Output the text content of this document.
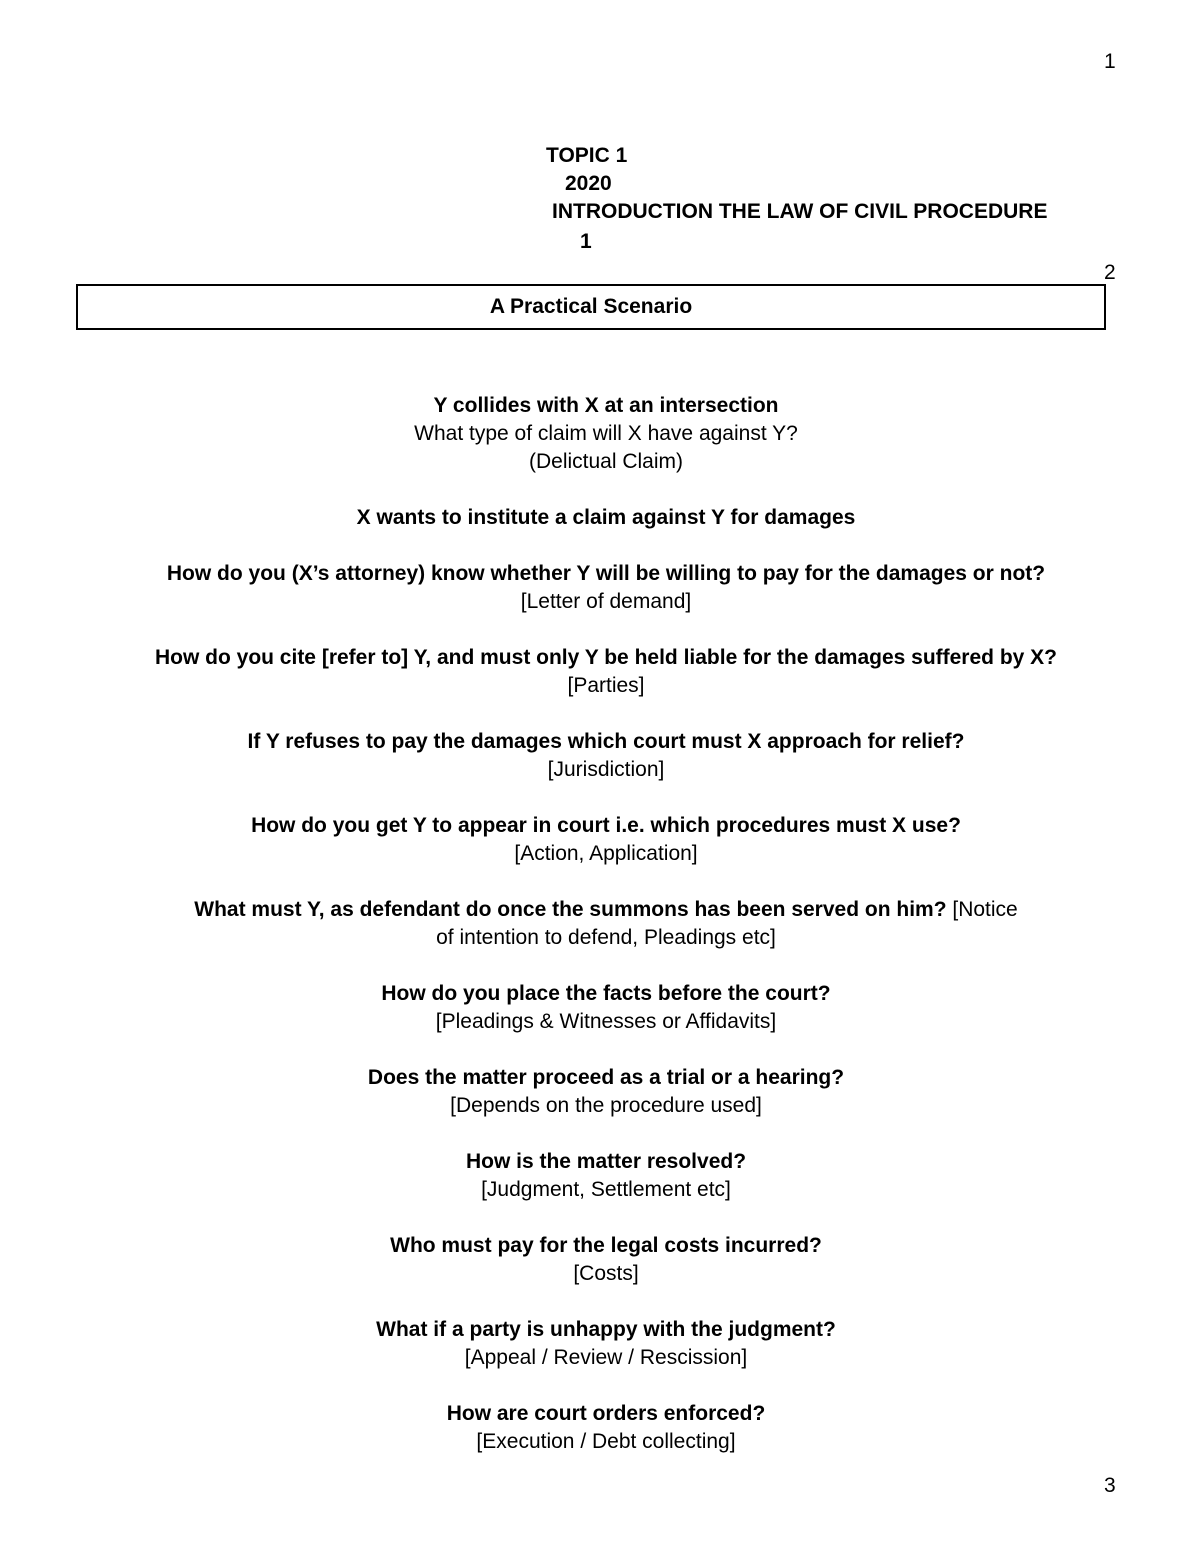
1
2
3
TOPIC 1
2020
INTRODUCTION THE LAW OF CIVIL PROCEDURE
1
A Practical Scenario
Y collides with X at an intersection
What type of claim will X have against Y?
(Delictual Claim)
X wants to institute a claim against Y for damages
How do you (X’s attorney) know whether Y will be willing to pay for the damages or not?
[Letter of demand]
How do you cite [refer to] Y, and must only Y be held liable for the damages suffered by X?
[Parties]
If Y refuses to pay the damages which court must X approach for relief?
[Jurisdiction]
How do you get Y to appear in court i.e. which procedures must X use?
[Action, Application]
What must Y, as defendant do once the summons has been served on him? [Notice
of intention to defend, Pleadings etc]
How do you place the facts before the court?
[Pleadings & Witnesses or Affidavits]
Does the matter proceed as a trial or a hearing?
[Depends on the procedure used]
How is the matter resolved?
[Judgment, Settlement etc]
Who must pay for the legal costs incurred?
[Costs]
What if a party is unhappy with the judgment?
[Appeal / Review / Rescission]
How are court orders enforced?
[Execution / Debt collecting]
